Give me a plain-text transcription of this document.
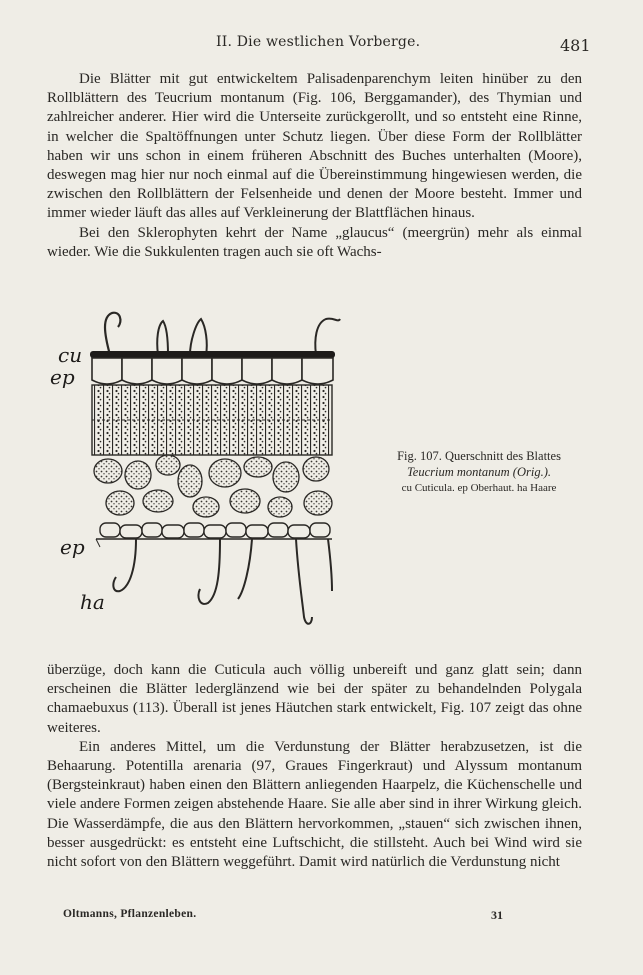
II. Die westlichen Vorberge.	481

Die Blätter mit gut entwickeltem Palisadenparenchym leiten hinüber zu den Rollblättern des Teucrium montanum (Fig. 106, Berggamander), des Thymian und zahlreicher anderer. Hier wird die Unterseite zurückgerollt, und so entsteht eine Rinne, in welcher die Spaltöffnungen unter Schutz liegen. Über diese Form der Rollblätter haben wir uns schon in einem früheren Abschnitt des Buches unterhalten (Moore), deswegen mag hier nur noch einmal auf die Übereinstimmung hingewiesen werden, die zwischen den Rollblättern der Felsenheide und denen der Moore besteht. Immer und immer wieder läuft das alles auf Verkleinerung der Blattflächen hinaus.

Bei den Sklerophyten kehrt der Name „glaucus“ (meergrün) mehr als einmal wieder. Wie die Sukkulenten tragen auch sie oft Wachs-

cu
ep
ep
ha
Fig. 107. Querschnitt des Blattes
Teucrium montanum (Orig.).
cu Cuticula. ep Oberhaut. ha Haare

überzüge, doch kann die Cuticula auch völlig unbereift und ganz glatt sein; dann erscheinen die Blätter lederglänzend wie bei der später zu behandelnden Polygala chamaebuxus (113). Überall ist jenes Häutchen stark entwickelt, Fig. 107 zeigt das ohne weiteres.

Ein anderes Mittel, um die Verdunstung der Blätter herabzusetzen, ist die Behaarung. Potentilla arenaria (97, Graues Fingerkraut) und Alyssum montanum (Bergsteinkraut) haben einen den Blättern anliegenden Haarpelz, die Küchenschelle und viele andere Formen zeigen abstehende Haare. Sie alle aber sind in ihrer Wirkung gleich. Die Wasserdämpfe, die aus den Blättern hervorkommen, „stauen“ sich zwischen ihnen, besser ausgedrückt: es entsteht eine Luftschicht, die stillsteht. Auch bei Wind wird sie nicht sofort von den Blättern weggeführt. Damit wird natürlich die Verdunstung nicht

Oltmanns, Pflanzenleben.	31
